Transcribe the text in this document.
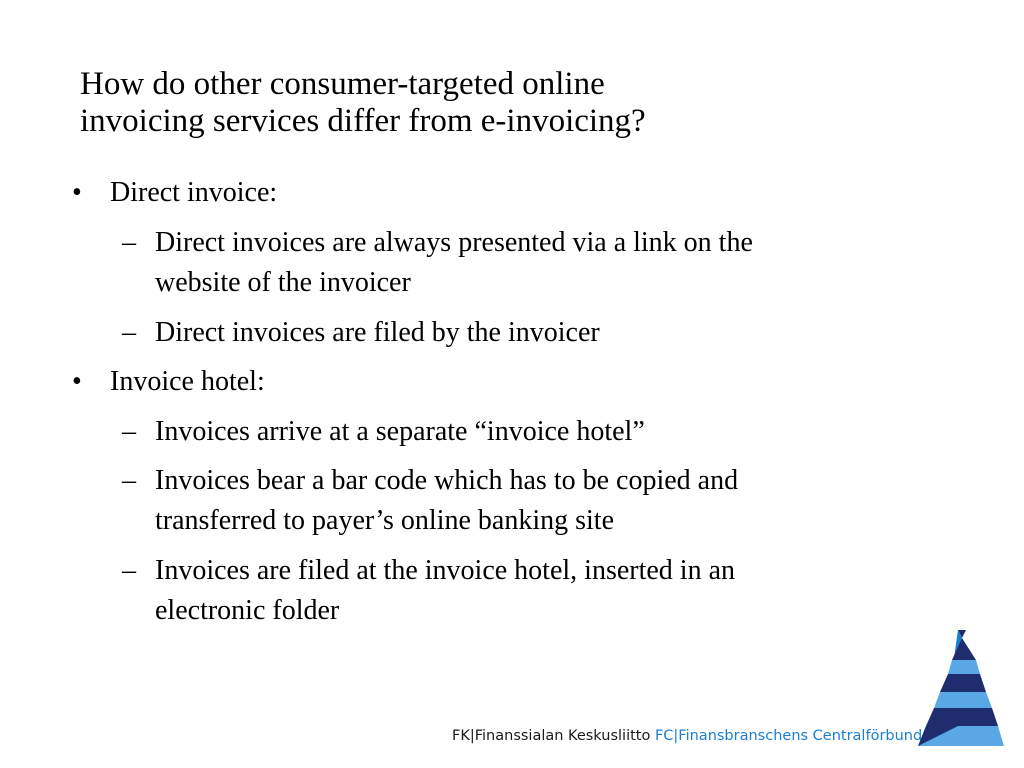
How do other consumer-targeted online
invoicing services differ from e-invoicing?
• Direct invoice:
– Direct invoices are always presented via a link on the
website of the invoicer
– Direct invoices are filed by the invoicer
• Invoice hotel:
– Invoices arrive at a separate “invoice hotel”
– Invoices bear a bar code which has to be copied and
transferred to payer’s online banking site
– Invoices are filed at the invoice hotel, inserted in an
electronic folder
FK|Finanssialan Keskusliitto FC|Finansbranschens Centralförbund
